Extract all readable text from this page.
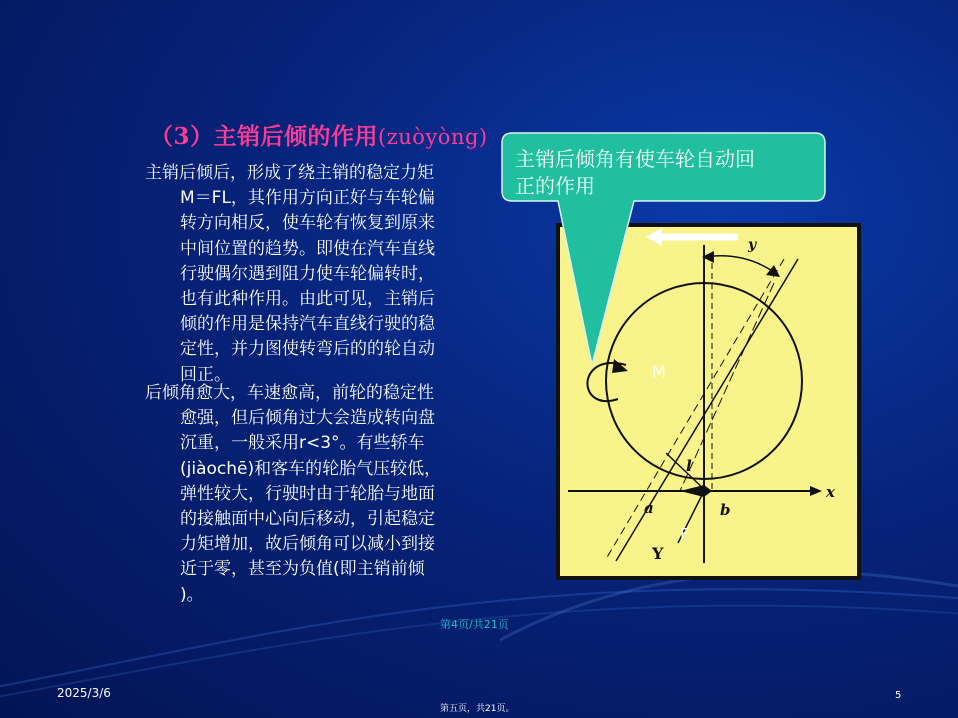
（3）主销后倾的作用(zuòyòng)
主销后倾后，形成了绕主销的稳定力矩
M＝FL，其作用方向正好与车轮偏
转方向相反，使车轮有恢复到原来
中间位置的趋势。即使在汽车直线
行驶偶尔遇到阻力使车轮偏转时，
也有此种作用。由此可见，主销后
倾的作用是保持汽车直线行驶的稳
定性，并力图使转弯后的的轮自动
回正。
后倾角愈大，车速愈高，前轮的稳定性
愈强，但后倾角过大会造成转向盘
沉重，一般采用r<3°。有些轿车
(jiàochē)和客车的轮胎气压较低，
弹性较大，行驶时由于轮胎与地面
的接触面中心向后移动，引起稳定
力矩增加，故后倾角可以减小到接
近于零，甚至为负值(即主销前倾
)。
y
M
l
x
a	b
F
Y
主销后倾角有使车轮自动回
正的作用
第4页/共21页
2025/3/6	5
第五页，共21页。
